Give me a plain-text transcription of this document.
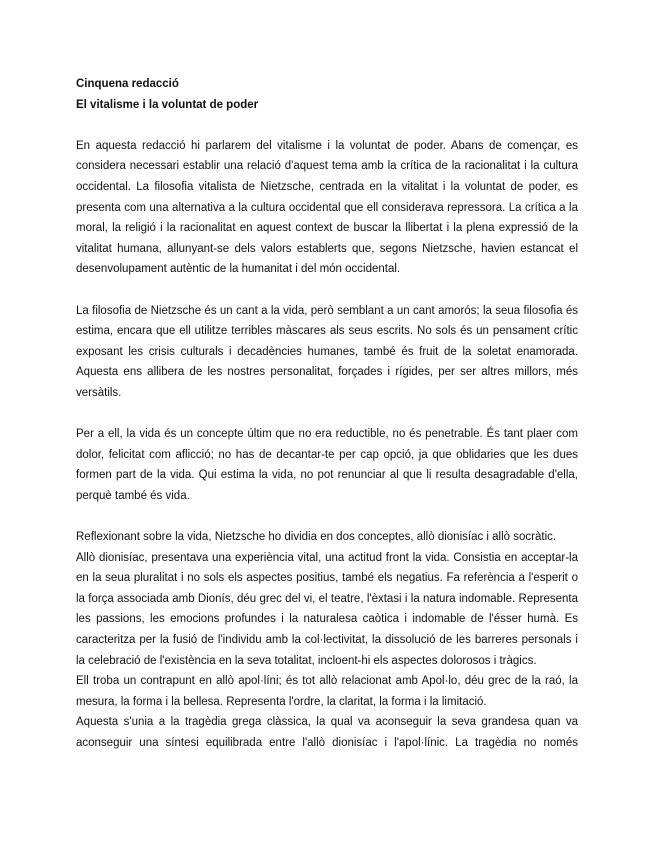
Cinquena redacció
El vitalisme i la voluntat de poder

En aquesta redacció hi parlarem del vitalisme i la voluntat de poder. Abans de començar, es considera necessari establir una relació d'aquest tema amb la crítica de la racionalitat i la cultura occidental. La filosofia vitalista de Nietzsche, centrada en la vitalitat i la voluntat de poder, es presenta com una alternativa a la cultura occidental que ell considerava repressora. La crítica a la moral, la religió i la racionalitat en aquest context de buscar la llibertat i la plena expressió de la vitalitat humana, allunyant-se dels valors establerts que, segons Nietzsche, havien estancat el desenvolupament autèntic de la humanitat i del món occidental.

La filosofia de Nietzsche és un cant a la vida, però semblant a un cant amorós; la seua filosofia és estima, encara que ell utilitze terribles màscares als seus escrits. No sols és un pensament crític exposant les crisis culturals i decadències humanes, també és fruit de la soletat enamorada. Aquesta ens allibera de les nostres personalitat, forçades i rígides, per ser altres millors, més versàtils.

Per a ell, la vida és un concepte últim que no era reductible, no és penetrable. És tant plaer com dolor, felicitat com aflicció; no has de decantar-te per cap opció, ja que oblidaries que les dues formen part de la vida. Qui estima la vida, no pot renunciar al que li resulta desagradable d'ella, perquè també és vida.

Reflexionant sobre la vida, Nietzsche ho dividia en dos conceptes, allò dionisíac i allò socràtic.

Allò dionisíac, presentava una experiència vital, una actitud front la vida. Consistia en acceptar-la en la seua pluralitat i no sols els aspectes positius, també els negatius. Fa referència a l'esperit o la força associada amb Dionís, déu grec del vi, el teatre, l'èxtasi i la natura indomable. Representa les passions, les emocions profundes i la naturalesa caòtica i indomable de l'ésser humà. Es caracteritza per la fusió de l'individu amb la col·lectivitat, la dissolució de les barreres personals i la celebració de l'existència en la seva totalitat, incloent-hi els aspectes dolorosos i tràgics.

Ell troba un contrapunt en allò apol·líni; és tot allò relacionat amb Apol·lo, déu grec de la raó, la mesura, la forma i la bellesa. Representa l'ordre, la claritat, la forma i la limitació.

Aquesta s'unia a la tragèdia grega clàssica, la qual va aconseguir la seva grandesa quan va aconseguir una síntesi equilibrada entre l'allò dionisíac i l'apol·línic. La tragèdia no només
